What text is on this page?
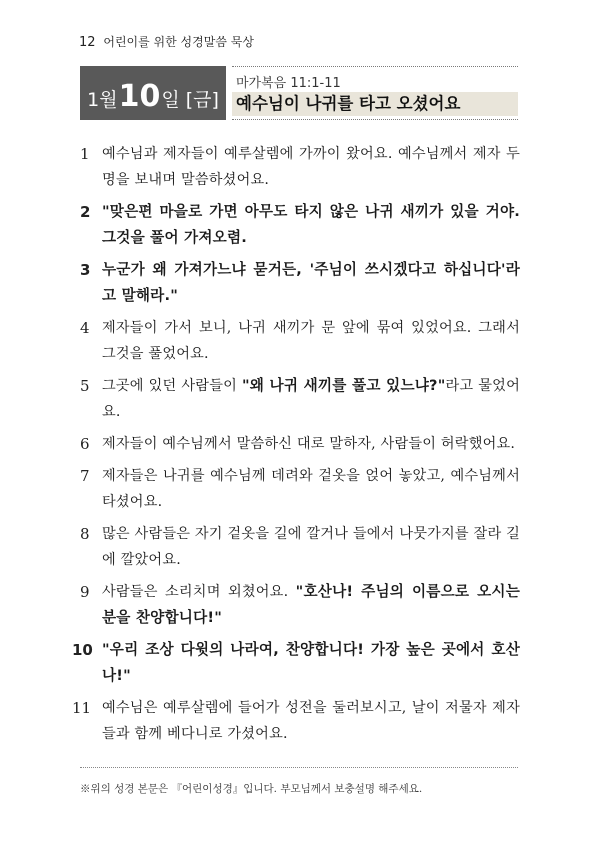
12 어린이를 위한 성경말씀 묵상
1월 10 일 [금]
마가복음 11:1-11
예수님이 나귀를 타고 오셨어요
1 예수님과 제자들이 예루살렘에 가까이 왔어요. 예수님께서 제자 두 명을 보내며 말씀하셨어요.
2 "맞은편 마을로 가면 아무도 타지 않은 나귀 새끼가 있을 거야. 그것을 풀어 가져오렴.
3 누군가 왜 가져가느냐 묻거든, '주님이 쓰시겠다고 하십니다'라고 말해라."
4 제자들이 가서 보니, 나귀 새끼가 문 앞에 묶여 있었어요. 그래서 그것을 풀었어요.
5 그곳에 있던 사람들이 "왜 나귀 새끼를 풀고 있느냐?"라고 물었어요.
6 제자들이 예수님께서 말씀하신 대로 말하자, 사람들이 허락했어요.
7 제자들은 나귀를 예수님께 데려와 겉옷을 얹어 놓았고, 예수님께서 타셨어요.
8 많은 사람들은 자기 겉옷을 길에 깔거나 들에서 나뭇가지를 잘라 길에 깔았어요.
9 사람들은 소리치며 외쳤어요. "호산나! 주님의 이름으로 오시는 분을 찬양합니다!"
10 "우리 조상 다윗의 나라여, 찬양합니다! 가장 높은 곳에서 호산나!"
11 예수님은 예루살렘에 들어가 성전을 둘러보시고, 날이 저물자 제자들과 함께 베다니로 가셨어요.
※위의 성경 본문은 『어린이성경』입니다. 부모님께서 보충설명 해주세요.
